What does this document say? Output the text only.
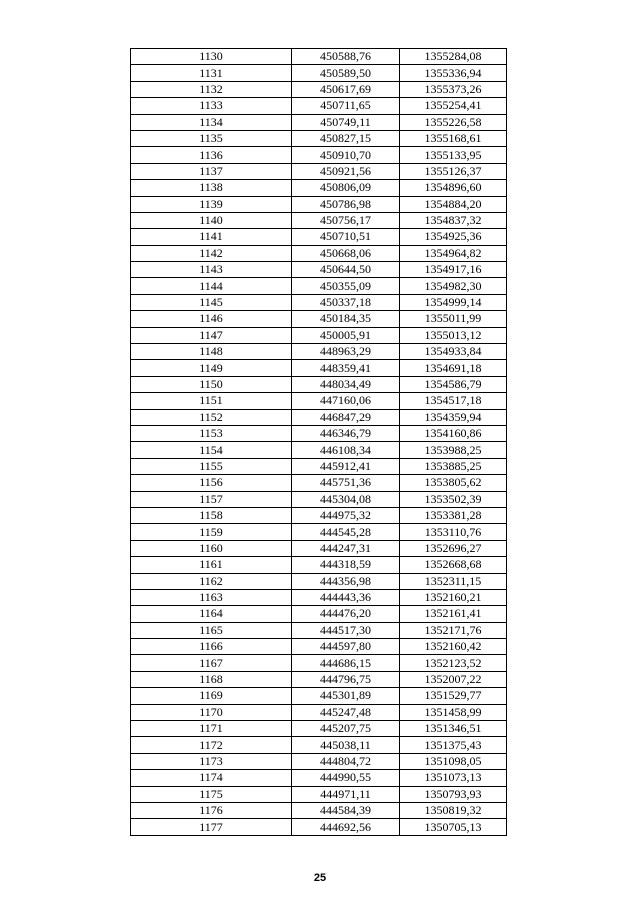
1130	450588,76	1355284,08
1131	450589,50	1355336,94
1132	450617,69	1355373,26
1133	450711,65	1355254,41
1134	450749,11	1355226,58
1135	450827,15	1355168,61
1136	450910,70	1355133,95
1137	450921,56	1355126,37
1138	450806,09	1354896,60
1139	450786,98	1354884,20
1140	450756,17	1354837,32
1141	450710,51	1354925,36
1142	450668,06	1354964,82
1143	450644,50	1354917,16
1144	450355,09	1354982,30
1145	450337,18	1354999,14
1146	450184,35	1355011,99
1147	450005,91	1355013,12
1148	448963,29	1354933,84
1149	448359,41	1354691,18
1150	448034,49	1354586,79
1151	447160,06	1354517,18
1152	446847,29	1354359,94
1153	446346,79	1354160,86
1154	446108,34	1353988,25
1155	445912,41	1353885,25
1156	445751,36	1353805,62
1157	445304,08	1353502,39
1158	444975,32	1353381,28
1159	444545,28	1353110,76
1160	444247,31	1352696,27
1161	444318,59	1352668,68
1162	444356,98	1352311,15
1163	444443,36	1352160,21
1164	444476,20	1352161,41
1165	444517,30	1352171,76
1166	444597,80	1352160,42
1167	444686,15	1352123,52
1168	444796,75	1352007,22
1169	445301,89	1351529,77
1170	445247,48	1351458,99
1171	445207,75	1351346,51
1172	445038,11	1351375,43
1173	444804,72	1351098,05
1174	444990,55	1351073,13
1175	444971,11	1350793,93
1176	444584,39	1350819,32
1177	444692,56	1350705,13
25
